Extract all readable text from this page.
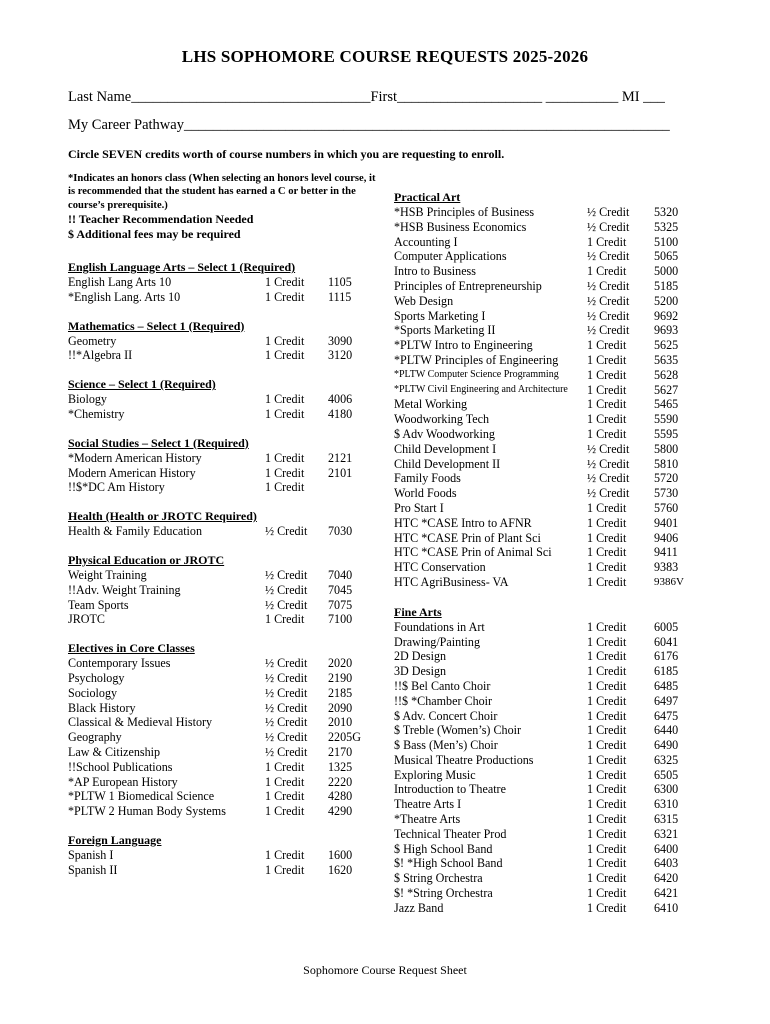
LHS SOPHOMORE COURSE REQUESTS 2025-2026
Last Name_________________________________First____________________ __________ MI ___
My Career Pathway___________________________________________________________________
Circle SEVEN credits worth of course numbers in which you are requesting to enroll.
*Indicates an honors class (When selecting an honors level course, it is recommended that the student has earned a C or better in the course’s prerequisite.)
!! Teacher Recommendation Needed
$ Additional fees may be required
English Language Arts – Select 1 (Required)
English Lang Arts 10	1 Credit 1105
*English Lang. Arts 10	1 Credit 1115
Mathematics – Select 1 (Required)
Geometry	1 Credit 3090
!!*Algebra II	1 Credit 3120
Science – Select 1 (Required)
Biology	1 Credit 4006
*Chemistry	1 Credit 4180
Social Studies – Select 1 (Required)
*Modern American History	1 Credit 2121
Modern American History	1 Credit 2101
!!$*DC Am History	1 Credit
Health (Health or JROTC Required)
Health & Family Education	½ Credit 7030
Physical Education or JROTC
Weight Training	½ Credit 7040
!!Adv. Weight Training	½ Credit 7045
Team Sports	½ Credit 7075
JROTC	1 Credit 7100
Electives in Core Classes
Contemporary Issues	½ Credit 2020
Psychology	½ Credit 2190
Sociology	½ Credit 2185
Black History	½ Credit 2090
Classical & Medieval History	½ Credit 2010
Geography	½ Credit 2205G
Law & Citizenship	½ Credit 2170
!!School Publications	1 Credit 1325
*AP European History	1 Credit 2220
*PLTW 1 Biomedical Science	1 Credit 4280
*PLTW 2 Human Body Systems	1 Credit 4290
Foreign Language
Spanish I	1 Credit 1600
Spanish II	1 Credit 1620
Practical Art
*HSB Principles of Business	½ Credit 5320
*HSB Business Economics	½ Credit 5325
Accounting I	1 Credit 5100
Computer Applications	½ Credit 5065
Intro to Business	1 Credit 5000
Principles of Entrepreneurship	½ Credit 5185
Web Design	½ Credit 5200
Sports Marketing I	½ Credit 9692
*Sports Marketing II	½ Credit 9693
*PLTW Intro to Engineering	1 Credit 5625
*PLTW Principles of Engineering 1 Credit 5635
*PLTW Computer Science Programming 1 Credit 5628
*PLTW Civil Engineering and Architecture 1 Credit 5627
Metal Working	1 Credit 5465
Woodworking Tech	1 Credit 5590
$ Adv Woodworking	1 Credit 5595
Child Development I	½ Credit 5800
Child Development II	½ Credit 5810
Family Foods	½ Credit 5720
World Foods	½ Credit 5730
Pro Start I	1 Credit 5760
HTC *CASE Intro to AFNR	1 Credit 9401
HTC *CASE Prin of Plant Sci	1 Credit 9406
HTC *CASE Prin of Animal Sci	1 Credit 9411
HTC Conservation	1 Credit 9383
HTC AgriBusiness- VA	1 Credit	9386V
Fine Arts
Foundations in Art	1 Credit 6005
Drawing/Painting	1 Credit 6041
2D Design	1 Credit 6176
3D Design	1 Credit 6185
!!$ Bel Canto Choir	1 Credit 6485
!!$ *Chamber Choir	1 Credit 6497
$ Adv. Concert Choir	1 Credit 6475
$ Treble (Women’s) Choir	1 Credit 6440
$ Bass (Men’s) Choir	1 Credit 6490
Musical Theatre Productions	1 Credit 6325
Exploring Music	1 Credit 6505
Introduction to Theatre	1 Credit 6300
Theatre Arts I	1 Credit 6310
*Theatre Arts	1 Credit 6315
Technical Theater Prod	1 Credit 6321
$ High School Band	1 Credit 6400
$! *High School Band	1 Credit 6403
$ String Orchestra	1 Credit 6420
$! *String Orchestra	1 Credit 6421
Jazz Band	1 Credit 6410
Sophomore Course Request Sheet
